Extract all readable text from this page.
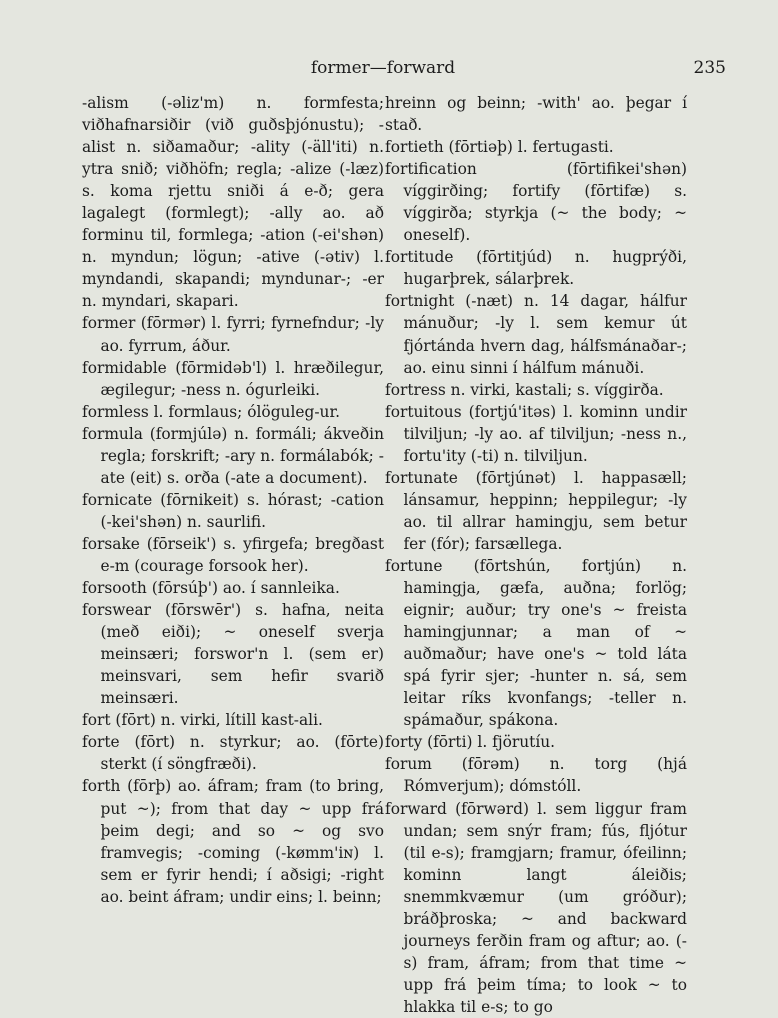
former—forward	235

-alism (-əliz'm) n. formfesta; viðhafnarsiðir (við guðsþjónustu); -alist n. siðamaður; -ality (-äll'iti) n. ytra snið; viðhöfn; regla; -alize (-læz) s. koma rjettu sniði á e-ð; gera lagalegt (formlegt); -ally ao. að forminu til, formlega; -ation (-ei'shən) n. myndun; lögun; -ative (-ətiv) l. myndandi, skapandi; myndunar-; -er n. myndari, skapari.

former (fōrmər) l. fyrri; fyrnefndur; -ly ao. fyrrum, áður.

formidable (fōrmidəb'l) l. hræðilegur, ægilegur; -ness n. ógurleiki.

formless l. formlaus; ólöguleg-ur.

formula (formjúlə) n. formáli; ákveðin regla; forskrift; -ary n. formálabók; -ate (eit) s. orða (-ate a document).

fornicate (fōrnikeit) s. hórast; -cation (-kei'shən) n. saurlifi.

forsake (fōrseik') s. yfirgefa; bregðast e-m (courage forsook her).

forsooth (fōrsúþ') ao. í sannleika.

forswear (fōrswēr') s. hafna, neita (með eiði); ~ oneself sverja meinsæri; forswor'n l. (sem er) meinsvari, sem hefir svarið meinsæri.

fort (fōrt) n. virki, lítill kast-ali.

forte (fōrt) n. styrkur; ao. (fōrte) sterkt (í söngfræði).

forth (fōrþ) ao. áfram; fram (to bring, put ~); from that day ~ upp frá þeim degi; and so ~ og svo framvegis; -coming (-kømm'iɴ) l. sem er fyrir hendi; í aðsigi; -right ao. beint áfram; undir eins; l. beinn;

hreinn og beinn; -with' ao. þegar í stað.

fortieth (fōrtiəþ) l. fertugasti.

fortification (fōrtifikei'shən) víggirðing; fortify (fōrtifæ) s. víggirða; styrkja (~ the body; ~ oneself).

fortitude (fōrtitjúd) n. hugprýði, hugarþrek, sálarþrek.

fortnight (-næt) n. 14 dagar, hálfur mánuður; -ly l. sem kemur út fjórtánda hvern dag, hálfsmánaðar-; ao. einu sinni í hálfum mánuði.

fortress n. virki, kastali; s. víggirða.

fortuitous (fortjú'itəs) l. kominn undir tilviljun; -ly ao. af tilviljun; -ness n., fortu'ity (-ti) n. tilviljun.

fortunate (fōrtjúnət) l. happasæll; lánsamur, heppinn; heppilegur; -ly ao. til allrar hamingju, sem betur fer (fór); farsællega.

fortune (fōrtshún, fortjún) n. hamingja, gæfa, auðna; forlög; eignir; auður; try one's ~ freista hamingjunnar; a man of ~ auðmaður; have one's ~ told láta spá fyrir sjer; -hunter n. sá, sem leitar ríks kvonfangs; -teller n. spámaður, spákona.

forty (fōrti) l. fjörutíu.

forum (fōrəm) n. torg (hjá Rómverjum); dómstóll.

forward (fōrwərd) l. sem liggur fram undan; sem snýr fram; fús, fljótur (til e-s); framgjarn; framur, ófeilinn; kominn langt áleiðis; snemmkvæmur (um gróður); bráðþroska; ~ and backward journeys ferðin fram og aftur; ao. (-s) fram, áfram; from that time ~ upp frá þeim tíma; to look ~ to hlakka til e-s; to go
